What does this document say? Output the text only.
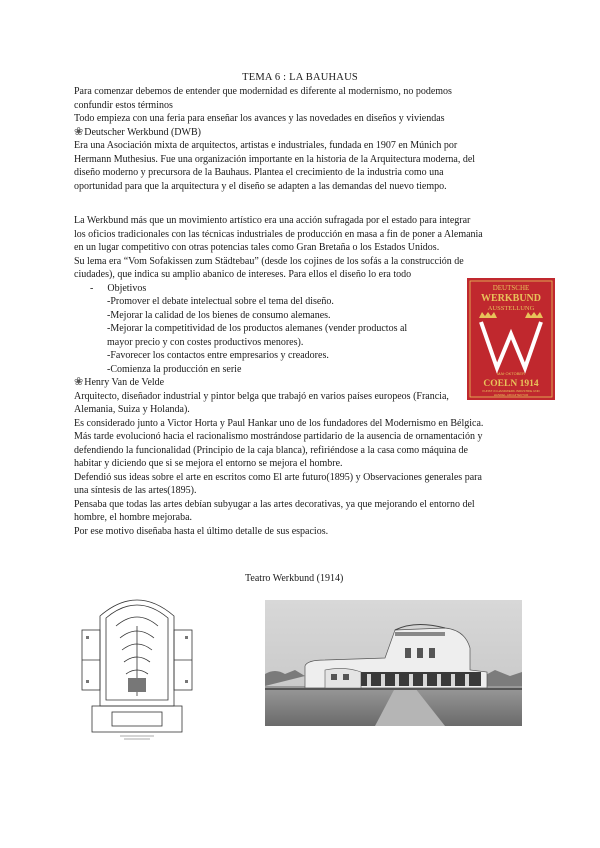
TEMA 6 : LA BAUHAUS
Para comenzar debemos de entender que modernidad es diferente al modernismo, no podemos
confundir estos términos
Todo empieza con una feria para enseñar los avances y las novedades en diseños y viviendas
❀Deutscher Werkbund (DWB)
Era una Asociación mixta de arquitectos, artistas e industriales, fundada en 1907 en Múnich por
Hermann Muthesius. Fue una organización importante en la historia de la Arquitectura moderna, del
diseño moderno y precursora de la Bauhaus. Plantea el crecimiento de la industria como una
oportunidad para que la arquitectura y el diseño se adapten a las demandas del nuevo tiempo.
La Werkbund más que un movimiento artístico era una acción sufragada por el estado para integrar
los oficios tradicionales con las técnicas industriales de producción en masa a fin de poner a Alemania
en un lugar competitivo con otras potencias tales como Gran Bretaña o los Estados Unidos.
Su lema era “Vom Sofakissen zum Städtebau” (desde los cojines de los sofás a la construcción de
ciudades), que indica su amplio abanico de intereses. Para ellos el diseño lo era todo
- Objetivos
-Promover el debate intelectual sobre el tema del diseño.
-Mejorar la calidad de los bienes de consumo alemanes.
-Mejorar la competitividad de los productos alemanes (vender productos al
mayor precio y con costes productivos menores).
-Favorecer los contactos entre empresarios y creadores.
-Comienza la producción en serie
DEUTSCHE
WERKBUND
AUSSTELLUNG
MAI·OKTOBER
COELN 1914
KUNST·IN·HANDWERK·INDUSTRIE·UND
HANDEL·ARCHITEKTUR
❀Henry Van de Velde
Arquitecto, diseñador industrial y pintor belga que trabajó en varios países europeos (Francia,
Alemania, Suiza y Holanda).
Es considerado junto a Victor Horta y Paul Hankar uno de los fundadores del Modernismo en Bélgica.
Más tarde evolucionó hacia el racionalismo mostrándose partidario de la ausencia de ornamentación y
defendiendo la funcionalidad (Principio de la caja blanca), refiriéndose a la casa como máquina de
habitar y diciendo que si se mejora el entorno se mejora el hombre.
Defendió sus ideas sobre el arte en escritos como El arte futuro(1895) y Observaciones generales para
una síntesis de las artes(1895).
Pensaba que todas las artes debían subyugar a las artes decorativas, ya que mejorando el entorno del
hombre, el hombre mejoraba.
Por ese motivo diseñaba hasta el último detalle de sus espacios.
Teatro Werkbund (1914)
